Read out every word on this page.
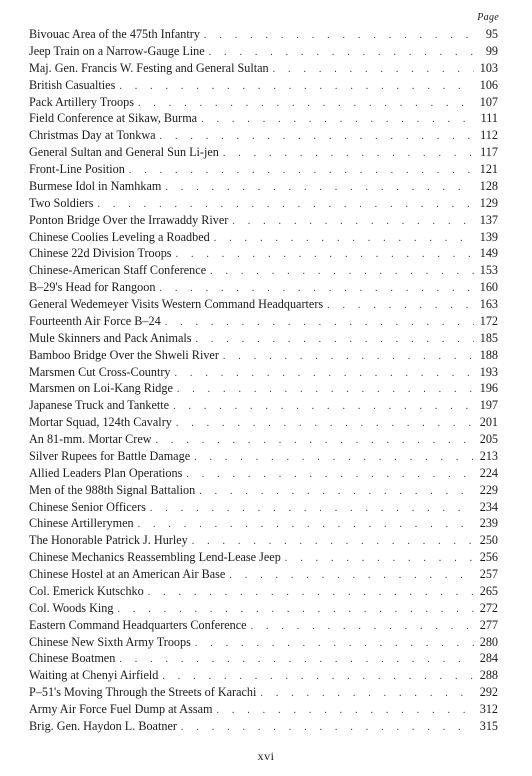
Page
Bivouac Area of the 475th Infantry . . .	95
Jeep Train on a Narrow-Gauge Line . . .	99
Maj. Gen. Francis W. Festing and General Sultan . . .	103
British Casualties . . .	106
Pack Artillery Troops . . .	107
Field Conference at Sikaw, Burma . . .	111
Christmas Day at Tonkwa . . .	112
General Sultan and General Sun Li-jen . . .	117
Front-Line Position . . .	121
Burmese Idol in Namhkam . . .	128
Two Soldiers . . .	129
Ponton Bridge Over the Irrawaddy River . . .	137
Chinese Coolies Leveling a Roadbed . . .	139
Chinese 22d Division Troops . . .	149
Chinese-American Staff Conference . . .	153
B–29's Head for Rangoon . . .	160
General Wedemeyer Visits Western Command Headquarters . . .	163
Fourteenth Air Force B–24 . . .	172
Mule Skinners and Pack Animals . . .	185
Bamboo Bridge Over the Shweli River . . .	188
Marsmen Cut Cross-Country . . .	193
Marsmen on Loi-Kang Ridge . . .	196
Japanese Truck and Tankette . . .	197
Mortar Squad, 124th Cavalry . . .	201
An 81-mm. Mortar Crew . . .	205
Silver Rupees for Battle Damage . . .	213
Allied Leaders Plan Operations . . .	224
Men of the 988th Signal Battalion . . .	229
Chinese Senior Officers . . .	234
Chinese Artillerymen . . .	239
The Honorable Patrick J. Hurley . . .	250
Chinese Mechanics Reassembling Lend-Lease Jeep . . .	256
Chinese Hostel at an American Air Base . . .	257
Col. Emerick Kutschko . . .	265
Col. Woods King . . .	272
Eastern Command Headquarters Conference . . .	277
Chinese New Sixth Army Troops . . .	280
Chinese Boatmen . . .	284
Waiting at Chenyi Airfield . . .	288
P–51's Moving Through the Streets of Karachi . . .	292
Army Air Force Fuel Dump at Assam . . .	312
Brig. Gen. Haydon L. Boatner . . .	315
xvi
